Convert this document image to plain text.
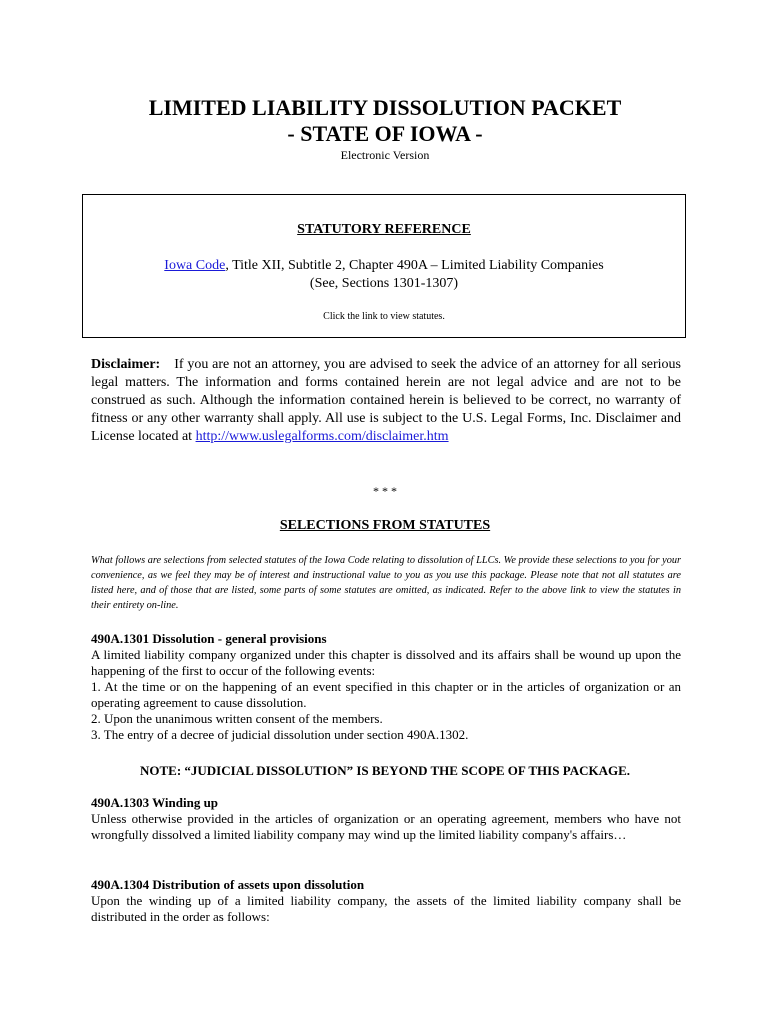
LIMITED LIABILITY DISSOLUTION PACKET
- STATE OF IOWA -
Electronic Version
STATUTORY REFERENCE
Iowa Code, Title XII, Subtitle 2, Chapter 490A – Limited Liability Companies
(See, Sections 1301-1307)
Click the link to view statutes.
Disclaimer: If you are not an attorney, you are advised to seek the advice of an attorney for all serious legal matters. The information and forms contained herein are not legal advice and are not to be construed as such. Although the information contained herein is believed to be correct, no warranty of fitness or any other warranty shall apply. All use is subject to the U.S. Legal Forms, Inc. Disclaimer and License located at http://www.uslegalforms.com/disclaimer.htm
* * *
SELECTIONS FROM STATUTES
What follows are selections from selected statutes of the Iowa Code relating to dissolution of LLCs. We provide these selections to you for your convenience, as we feel they may be of interest and instructional value to you as you use this package. Please note that not all statutes are listed here, and of those that are listed, some parts of some statutes are omitted, as indicated. Refer to the above link to view the statutes in their entirety on-line.

490A.1301 Dissolution - general provisions

A limited liability company organized under this chapter is dissolved and its affairs shall be wound up upon the happening of the first to occur of the following events:

1. At the time or on the happening of an event specified in this chapter or in the articles of organization or an operating agreement to cause dissolution.

2. Upon the unanimous written consent of the members.

3. The entry of a decree of judicial dissolution under section 490A.1302.

NOTE: “JUDICIAL DISSOLUTION” IS BEYOND THE SCOPE OF THIS PACKAGE.

490A.1303 Winding up

Unless otherwise provided in the articles of organization or an operating agreement, members who have not wrongfully dissolved a limited liability company may wind up the limited liability company's affairs…

490A.1304 Distribution of assets upon dissolution

Upon the winding up of a limited liability company, the assets of the limited liability company shall be distributed in the order as follows:
